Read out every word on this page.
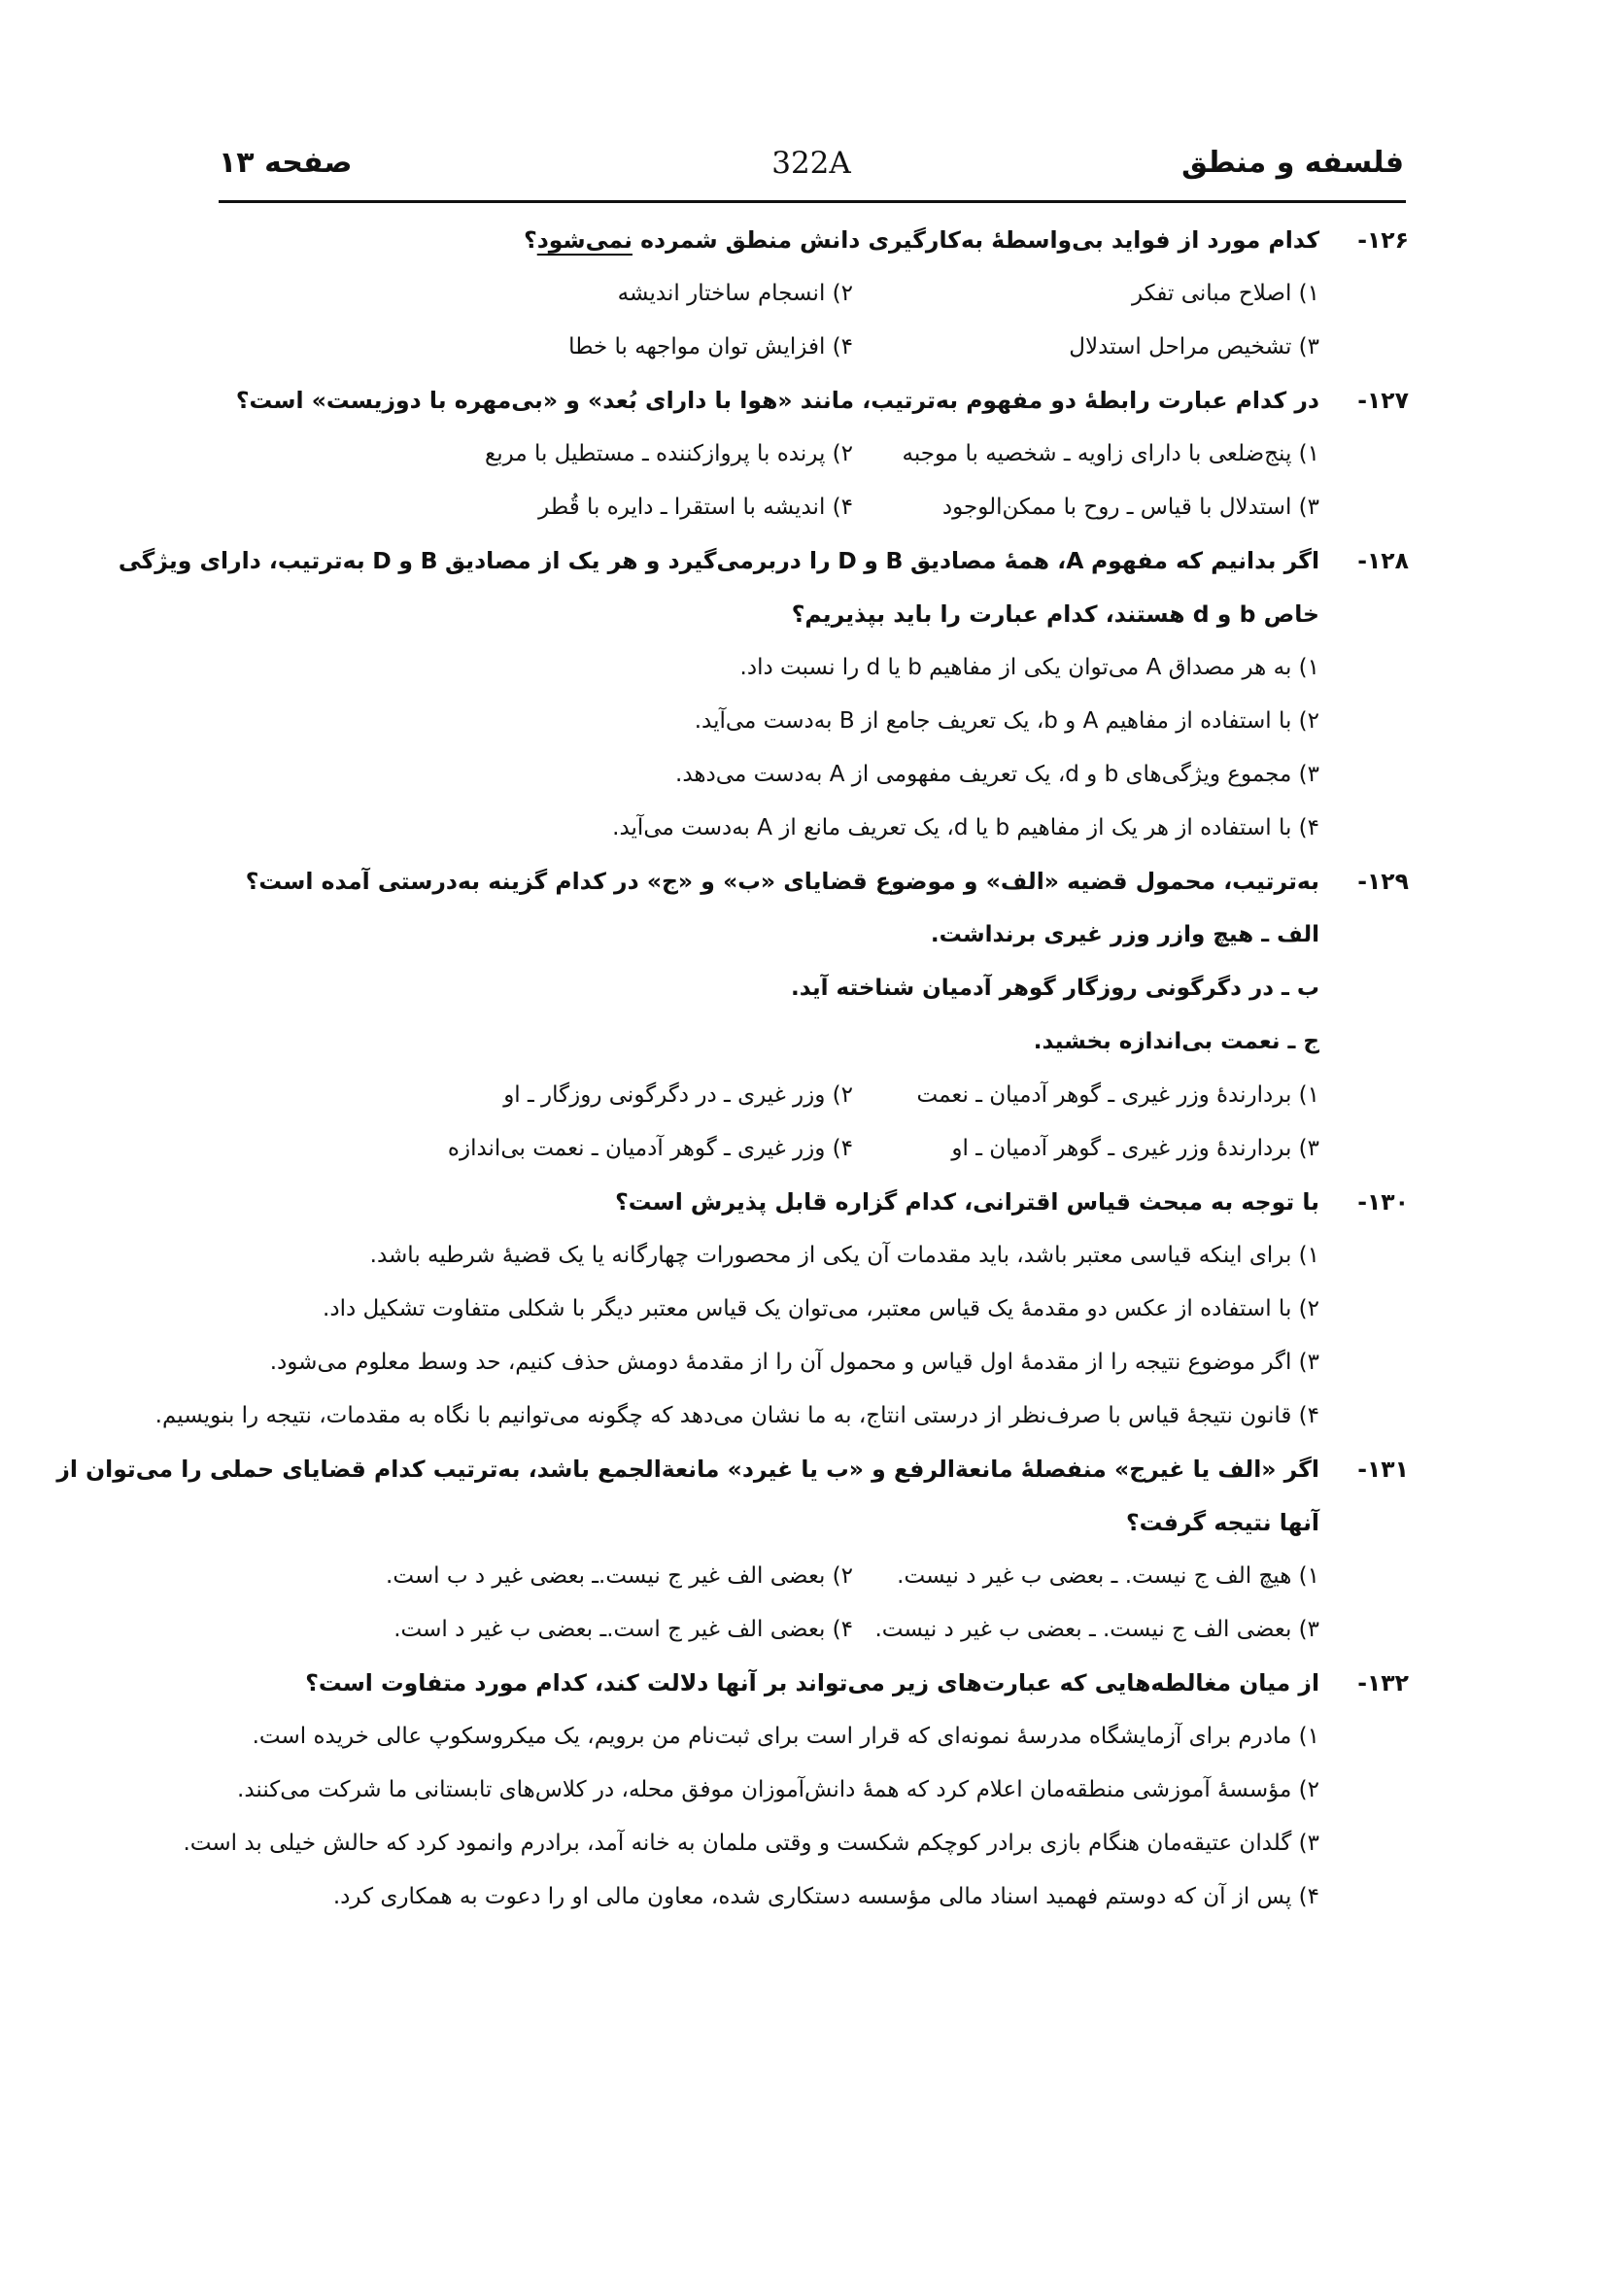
فلسفه و منطق
322A
صفحه ۱۳
۱۲۶-
کدام مورد از فواید بی‌واسطهٔ به‌کارگیری دانش منطق شمرده نمی‌شود؟
۱) اصلاح مبانی تفکر
۲) انسجام ساختار اندیشه
۳) تشخیص مراحل استدلال
۴) افزایش توان مواجهه با خطا
۱۲۷-
در کدام عبارت رابطهٔ دو مفهوم به‌ترتیب، مانند «هوا با دارای بُعد» و «بی‌مهره با دوزیست» است؟
۱) پنج‌ضلعی با دارای زاویه ـ شخصیه با موجبه
۲) پرنده با پروازکننده ـ مستطیل با مربع
۳) استدلال با قیاس ـ روح با ممکن‌الوجود
۴) اندیشه با استقرا ـ دایره با قُطر
۱۲۸-
اگر بدانیم که مفهوم A، همهٔ مصادیق B و D را دربرمی‌گیرد و هر یک از مصادیق B و D به‌ترتیب، دارای ویژگی
خاص b و d هستند، کدام عبارت را باید بپذیریم؟
۱) به هر مصداق A می‌توان یکی از مفاهیم b یا d را نسبت داد.
۲) با استفاده از مفاهیم A و b، یک تعریف جامع از B به‌دست می‌آید.
۳) مجموع ویژگی‌های b و d، یک تعریف مفهومی از A به‌دست می‌دهد.
۴) با استفاده از هر یک از مفاهیم b یا d، یک تعریف مانع از A به‌دست می‌آید.
۱۲۹-
به‌ترتیب، محمول قضیه «الف» و موضوع قضایای «ب» و «ج» در کدام گزینه به‌درستی آمده است؟
الف ـ هیچ وازر وزر غیری برنداشت.
ب ـ در دگرگونی روزگار گوهر آدمیان شناخته آید.
ج ـ نعمت بی‌اندازه بخشید.
۱) بردارندهٔ وزر غیری ـ گوهر آدمیان ـ نعمت
۲) وزر غیری ـ در دگرگونی روزگار ـ او
۳) بردارندهٔ وزر غیری ـ گوهر آدمیان ـ او
۴) وزر غیری ـ گوهر آدمیان ـ نعمت بی‌اندازه
۱۳۰-
با توجه به مبحث قیاس اقترانی، کدام گزاره قابل پذیرش است؟
۱) برای اینکه قیاسی معتبر باشد، باید مقدمات آن یکی از محصورات چهارگانه یا یک قضیهٔ شرطیه باشد.
۲) با استفاده از عکس دو مقدمهٔ یک قیاس معتبر، می‌توان یک قیاس معتبر دیگر با شکلی متفاوت تشکیل داد.
۳) اگر موضوع نتیجه را از مقدمهٔ اول قیاس و محمول آن را از مقدمهٔ دومش حذف کنیم، حد وسط معلوم می‌شود.
۴) قانون نتیجهٔ قیاس با صرف‌نظر از درستی انتاج، به ما نشان می‌دهد که چگونه می‌توانیم با نگاه به مقدمات، نتیجه را بنویسیم.
۱۳۱-
اگر «الف یا غیرج» منفصلهٔ مانعةالرفع و «ب یا غیرد» مانعةالجمع باشد، به‌ترتیب کدام قضایای حملی را می‌توان از
آنها نتیجه گرفت؟
۱) هیچ الف ج نیست. ـ بعضی ب غیر د نیست.
۲) بعضی الف غیر ج نیست.ـ بعضی غیر د ب است.
۳) بعضی الف ج نیست. ـ بعضی ب غیر د نیست.
۴) بعضی الف غیر ج است.ـ بعضی ب غیر د است.
۱۳۲-
از میان مغالطه‌هایی که عبارت‌های زیر می‌تواند بر آنها دلالت کند، کدام مورد متفاوت است؟
۱) مادرم برای آزمایشگاه مدرسهٔ نمونه‌ای که قرار است برای ثبت‌نام من برویم، یک میکروسکوپ عالی خریده است.
۲) مؤسسهٔ آموزشی منطقه‌مان اعلام کرد که همهٔ دانش‌آموزان موفق محله، در کلاس‌های تابستانی ما شرکت می‌کنند.
۳) گلدان عتیقه‌مان هنگام بازی برادر کوچکم شکست و وقتی ملمان به خانه آمد، برادرم وانمود کرد که حالش خیلی بد است.
۴) پس از آن که دوستم فهمید اسناد مالی مؤسسه دستکاری شده، معاون مالی او را دعوت به همکاری کرد.
